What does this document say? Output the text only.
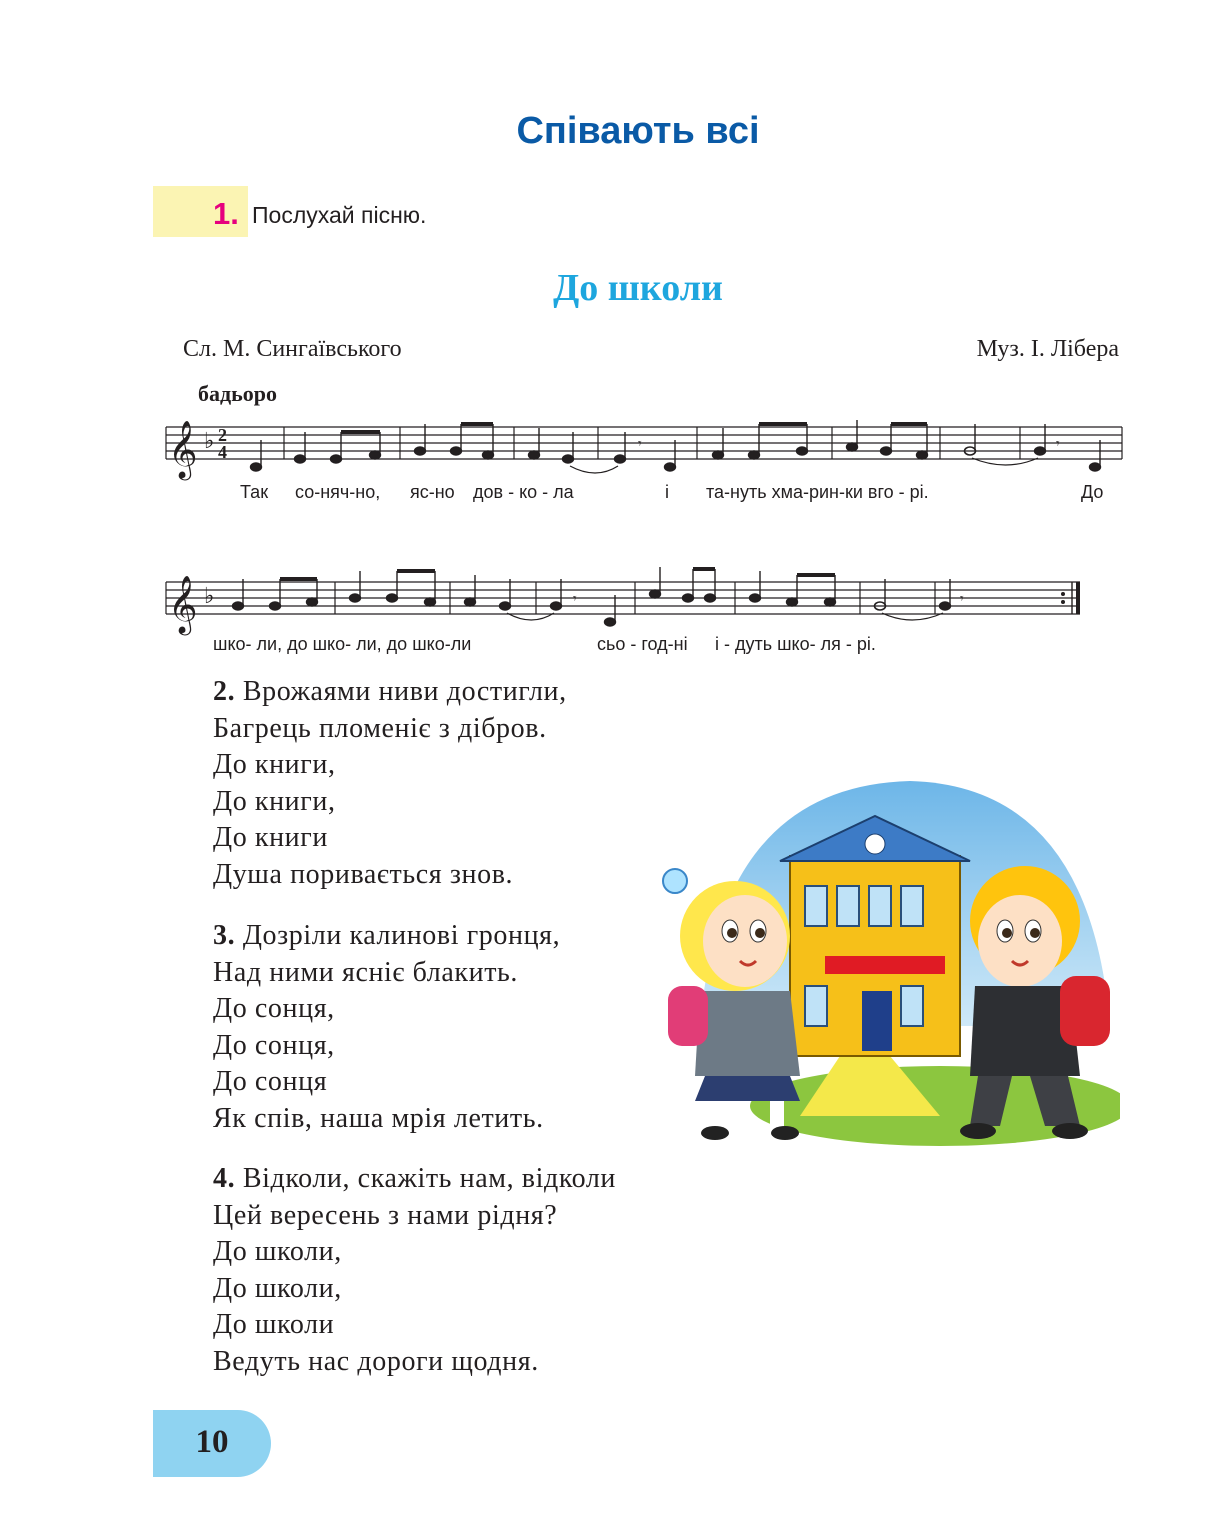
Співають всі
1. Послухай пісню.
До школи
Сл. М. Сингаївського	Муз. І. Лібера
бадьоро
𝄞 ♭ 2
4	𝄾	𝄾
Так со-няч-но, яс-но дов - ко - ла	і та-нуть хма-рин-ки вго - рі.	До
𝄞 ♭	𝄾	𝄾
шко- ли, до шко- ли, до шко-ли	сьо - год-ні і - дуть шко- ля - рі.
2. Врожаями ниви достигли,
Багрець пломеніє з дібров.
До книги,
До книги,
До книги
Душа поривається знов.
3. Дозріли калинові гронця,
Над ними ясніє блакить.
До сонця,
До сонця,
До сонця
Як спів, наша мрія летить.
4. Відколи, скажіть нам, відколи
Цей вересень з нами рідня?
До школи,
До школи,
До школи
Ведуть нас дороги щодня.
10
